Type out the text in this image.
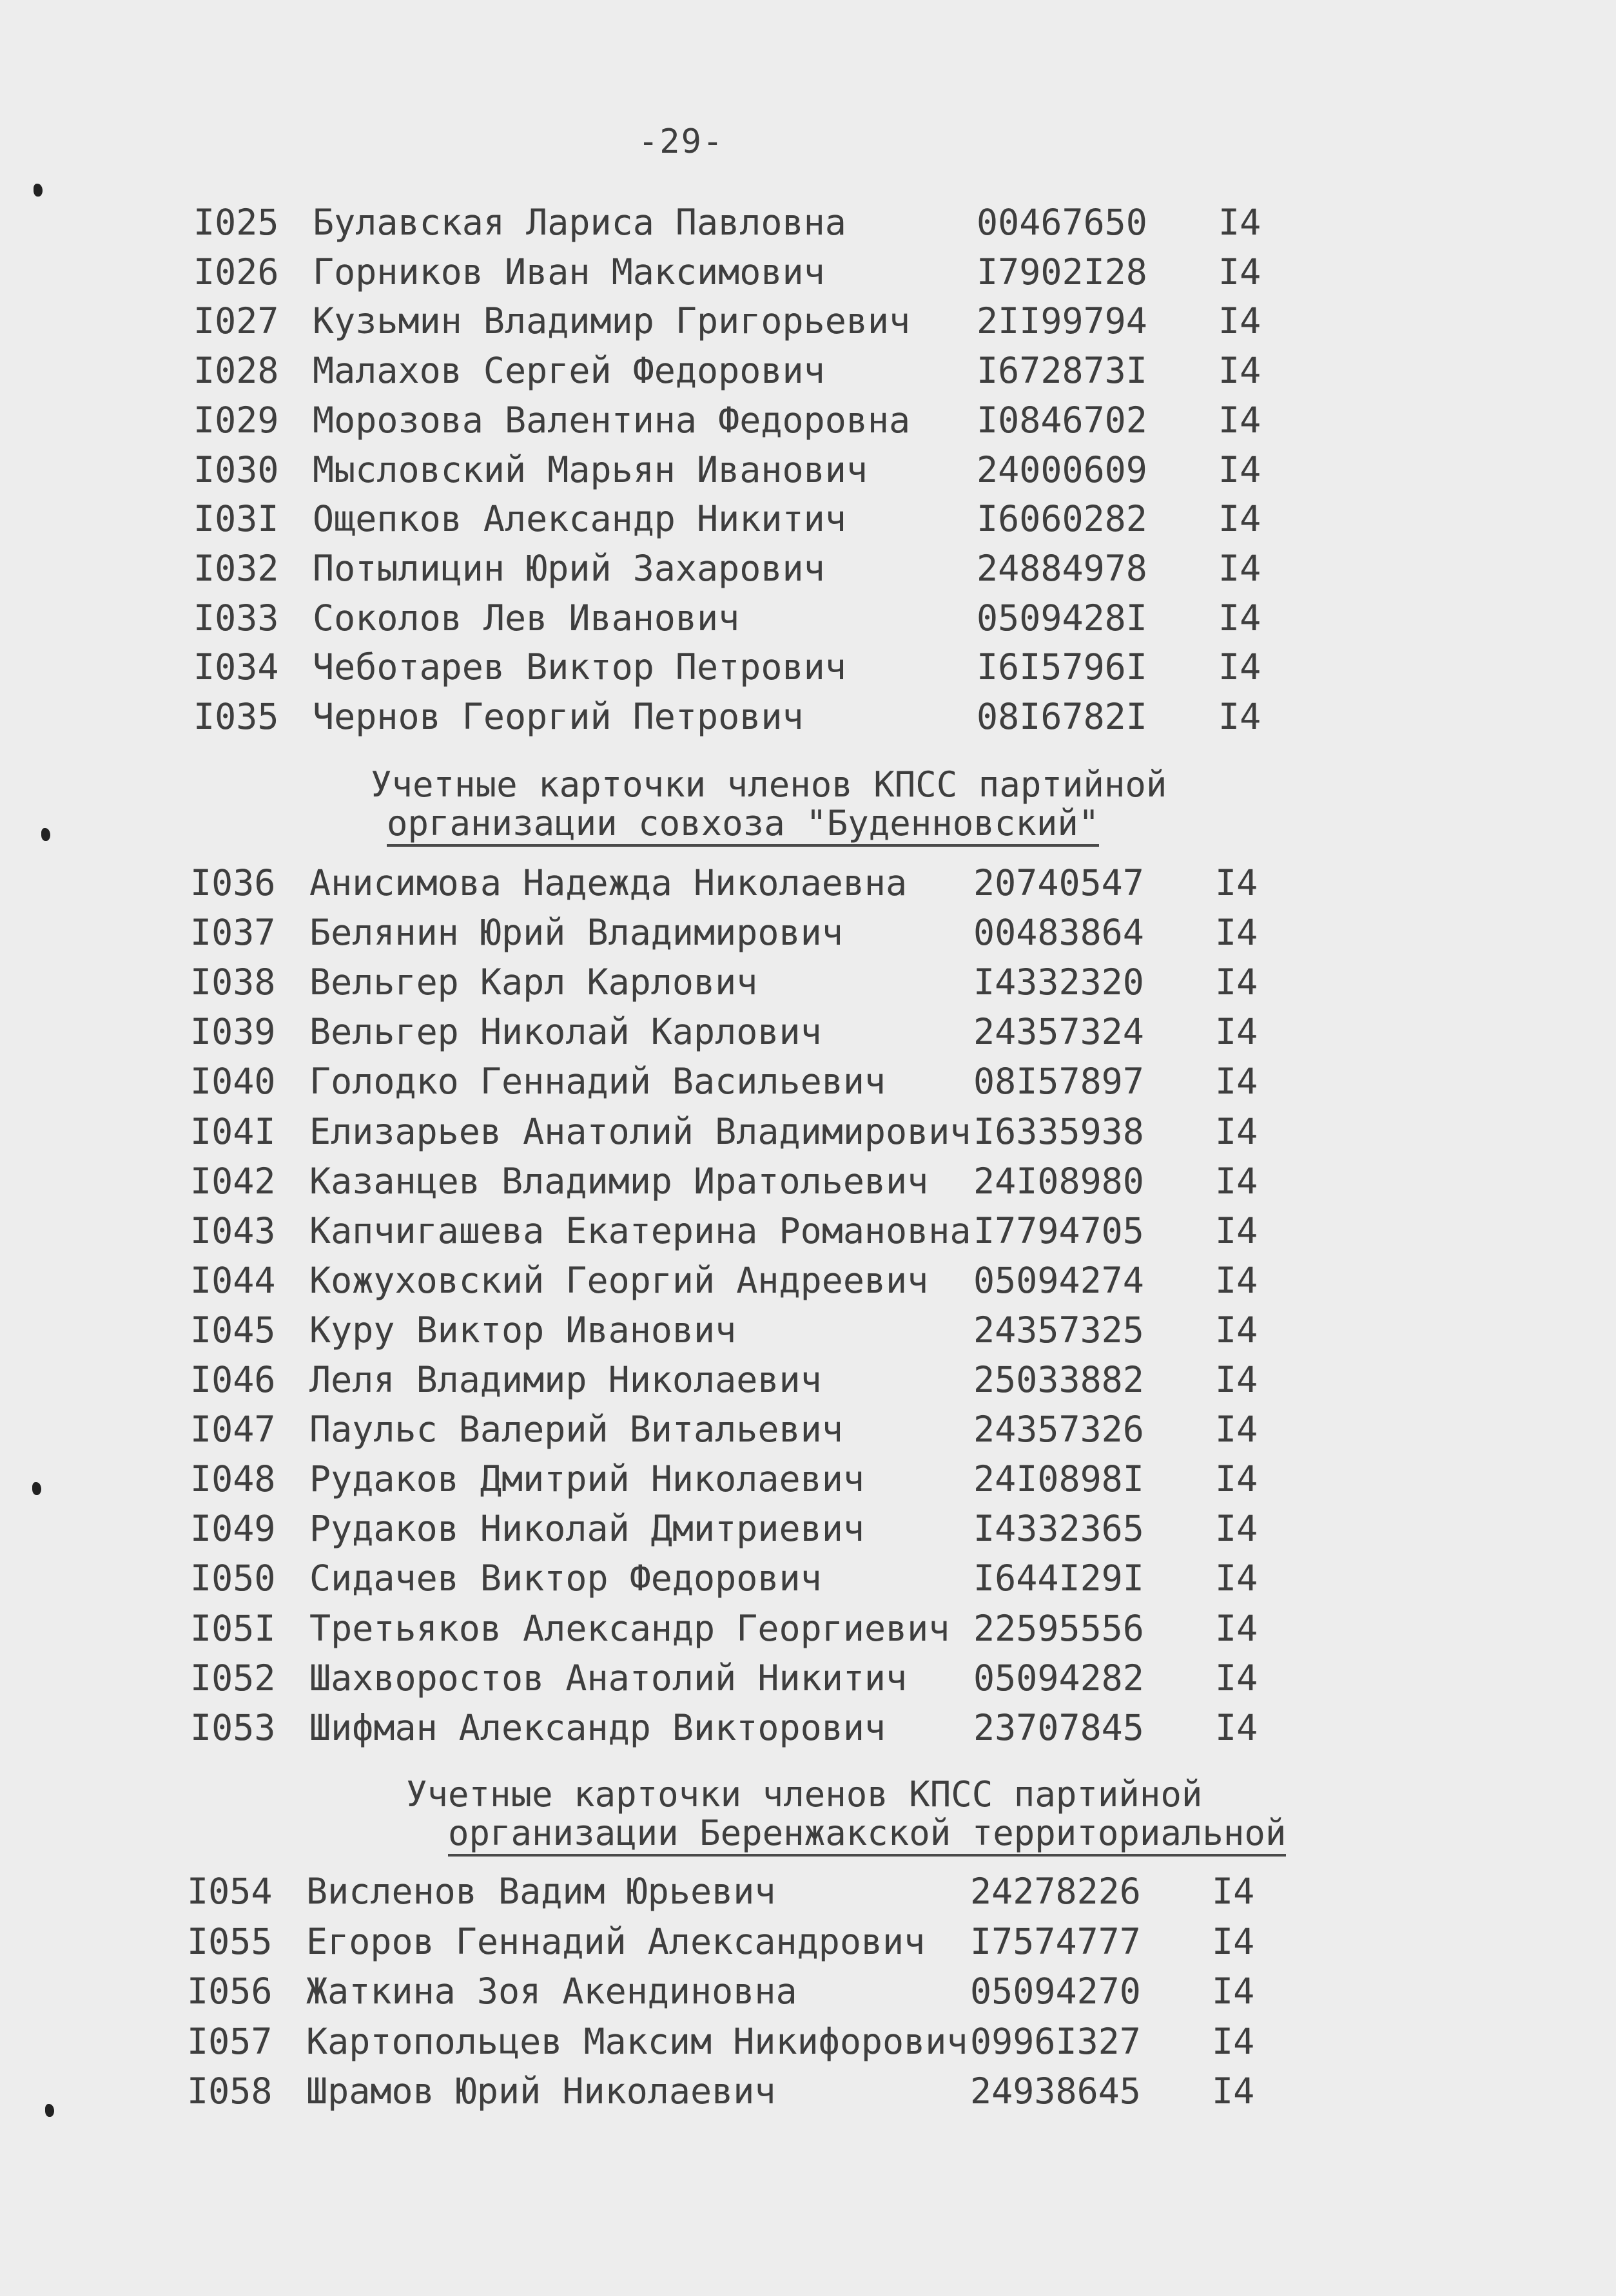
-29-
I025 Булавская Лариса Павловна	00467650 I4
I026 Горников Иван Максимович	I7902I28 I4
I027 Кузьмин Владимир Григорьевич 2II99794 I4
I028 Малахов Сергей Федорович	I672873I I4
I029 Морозова Валентина Федоровна I0846702 I4
I030 Мысловский Марьян Иванович	24000609 I4
I03I Ощепков Александр Никитич	I6060282 I4
I032 Потылицин Юрий Захарович	24884978 I4
I033 Соколов Лев Иванович	0509428I I4
I034 Чеботарев Виктор Петрович	I6I5796I I4
I035 Чернов Георгий Петрович	08I6782I I4
Учетные карточки членов КПСС партийной
организации совхоза "Буденновский"
I036 Анисимова Надежда Николаевна 20740547 I4
I037 Белянин Юрий Владимирович	00483864 I4
I038 Вельгер Карл Карлович	I4332320 I4
I039 Вельгер Николай Карлович	24357324 I4
I040 Голодко Геннадий Васильевич 08I57897 I4
I04I Елизарьев Анатолий Владимирович I6335938 I4
I042 Казанцев Владимир Иратольевич 24I08980 I4
I043 Капчигашева Екатерина Романовна I7794705 I4
I044 Кожуховский Георгий Андреевич 05094274 I4
I045 Куру Виктор Иванович	24357325 I4
I046 Леля Владимир Николаевич	25033882 I4
I047 Паульс Валерий Витальевич	24357326 I4
I048 Рудаков Дмитрий Николаевич	24I0898I I4
I049 Рудаков Николай Дмитриевич	I4332365 I4
I050 Сидачев Виктор Федорович	I644I29I I4
I05I Третьяков Александр Георгиевич 22595556 I4
I052 Шахворостов Анатолий Никитич 05094282 I4
I053 Шифман Александр Викторович 23707845 I4
Учетные карточки членов КПСС партийной
организации Беренжакской территориальной
I054 Висленов Вадим Юрьевич	24278226 I4
I055 Егоров Геннадий Александрович I7574777 I4
I056 Жаткина Зоя Акендиновна	05094270 I4
I057 Картопольцев Максим Никифорович 0996I327 I4
I058 Шрамов Юрий Николаевич	24938645 I4
